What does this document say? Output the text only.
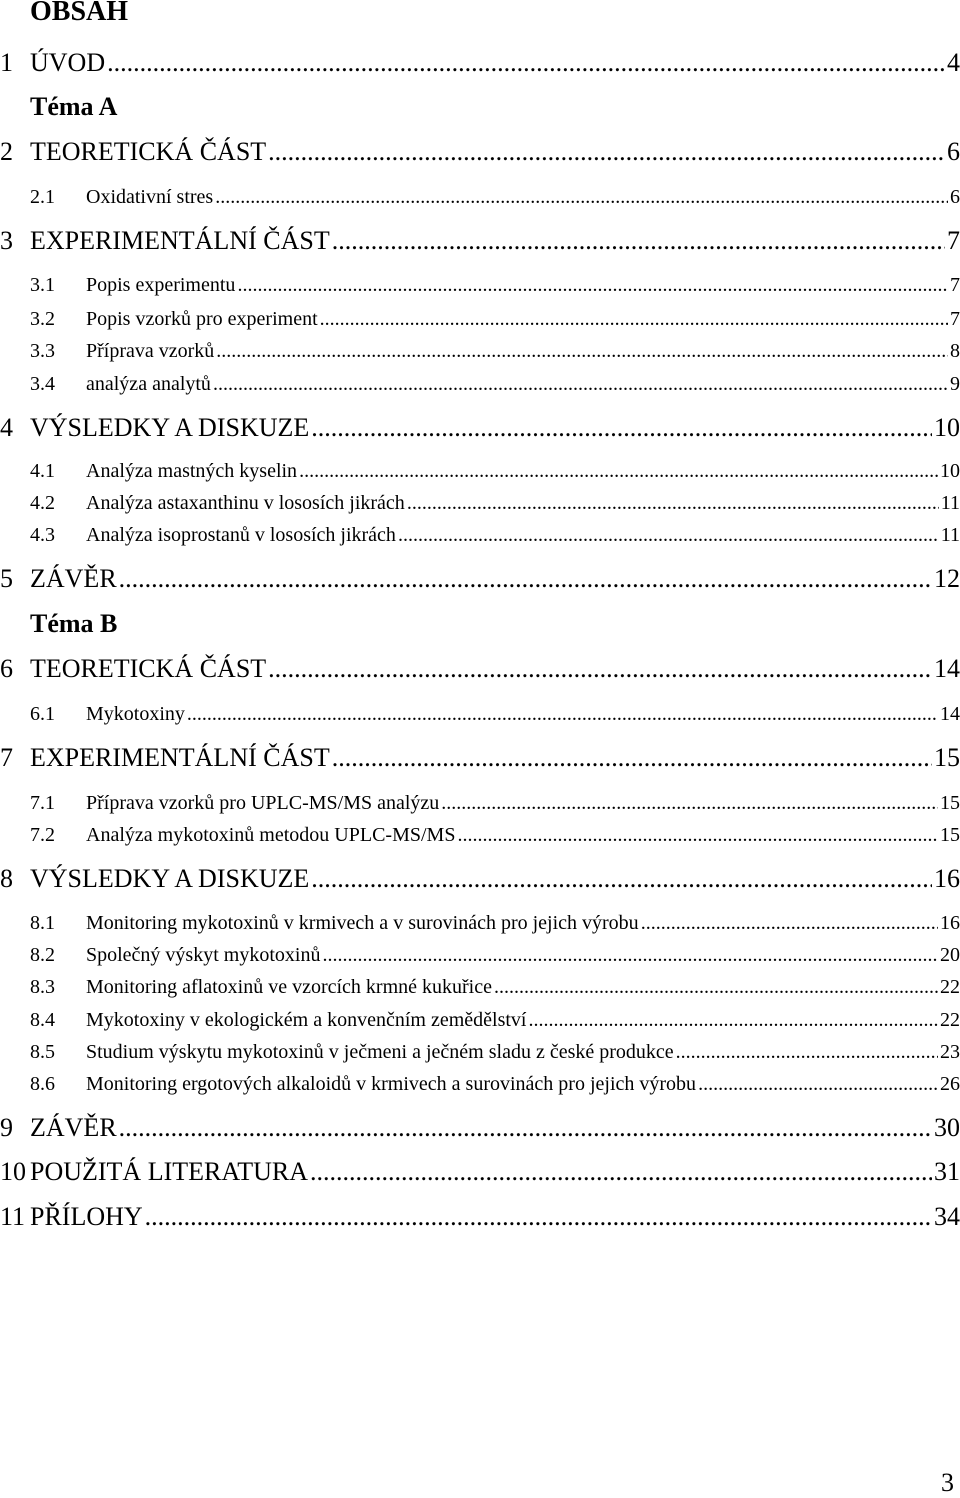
OBSAH
1 ÚVOD .....	4
Téma A
2 TEORETICKÁ ČÁST .....	6
2.1	Oxidativní stres .....	6
3 EXPERIMENTÁLNÍ ČÁST .....	7
3.1	Popis experimentu .....	7
3.2	Popis vzorků pro experiment .....	7
3.3	Příprava vzorků .....	8
3.4	analýza analytů .....	9
4 VÝSLEDKY A DISKUZE .....	10
4.1	Analýza mastných kyselin .....	10
4.2	Analýza astaxanthinu v lososích jikrách .....	11
4.3	Analýza isoprostanů v lososích jikrách .....	11
5 ZÁVĚR .....	12
Téma B
6 TEORETICKÁ ČÁST .....	14
6.1	Mykotoxiny .....	14
7 EXPERIMENTÁLNÍ ČÁST .....	15
7.1	Příprava vzorků pro UPLC-MS/MS analýzu .....	15
7.2	Analýza mykotoxinů metodou UPLC-MS/MS .....	15
8 VÝSLEDKY A DISKUZE .....	16
8.1	Monitoring mykotoxinů v krmivech a v surovinách pro jejich výrobu .....	16
8.2	Společný výskyt mykotoxinů .....	20
8.3	Monitoring aflatoxinů ve vzorcích krmné kukuřice .....	22
8.4	Mykotoxiny v ekologickém a konvenčním zemědělství .....	22
8.5	Studium výskytu mykotoxinů v ječmeni a ječném sladu z české produkce .....	23
8.6	Monitoring ergotových alkaloidů v krmivech a surovinách pro jejich výrobu .....	26
9 ZÁVĚR .....	30
10 POUŽITÁ LITERATURA .....	31
11 PŘÍLOHY .....	34
3
